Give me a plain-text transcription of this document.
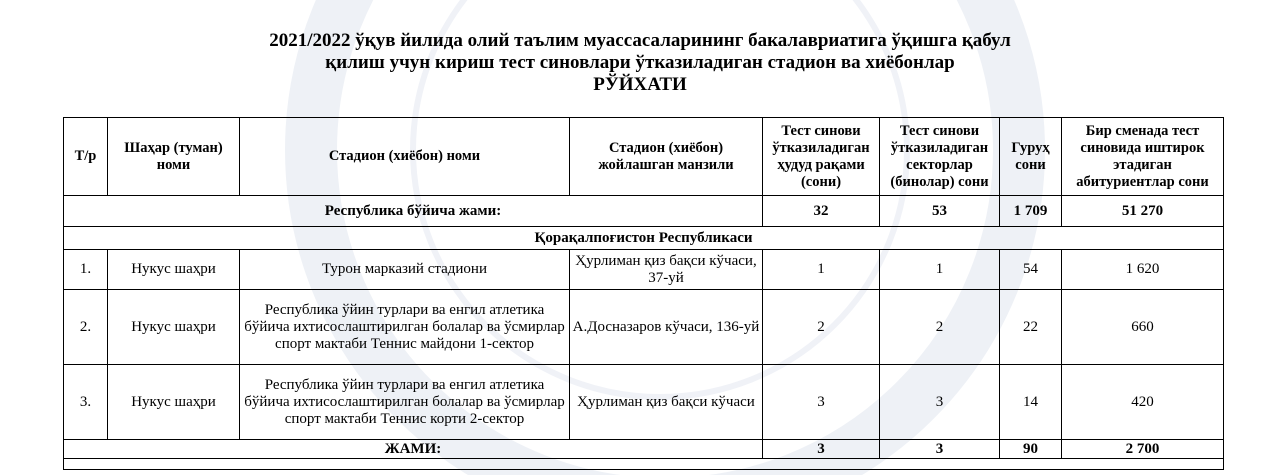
2021/2022 ўқув йилида олий таълим муассасаларининг бакалавриатига ўқишга қабул
қилиш учун кириш тест синовлари ўтказиладиган стадион ва хиёбонлар
РЎЙХАТИ
Т/р	Шаҳар (туман) номи	Стадион (хиёбон) номи	Стадион (хиёбон) жойлашган манзили	Тест синови ўтказиладиган ҳудуд рақами (сони)	Тест синови ўтказиладиган секторлар (бинолар) сони	Гуруҳ сони	Бир сменада тест синовида иштирок этадиган абитуриентлар сони
Республика бўйича жами:				32	53	1 709	51 270
Қорақалпоғистон Республикаси							
1.	Нукус шаҳри	Турон марказий стадиони	Ҳурлиман қиз бақси кўчаси, 37-уй	1	1	54	1 620
2.	Нукус шаҳри	Республика ўйин турлари ва енгил атлетика бўйича ихтисослаштирилган болалар ва ўсмирлар спорт мактаби Теннис майдони 1-сектор	А.Досназаров кўчаси, 136-уй	2	2	22	660
3.	Нукус шаҳри	Республика ўйин турлари ва енгил атлетика бўйича ихтисослаштирилган болалар ва ўсмирлар спорт мактаби Теннис корти 2-сектор	Ҳурлиман қиз бақси кўчаси	3	3	14	420
ЖАМИ:				3	3	90	2 700
